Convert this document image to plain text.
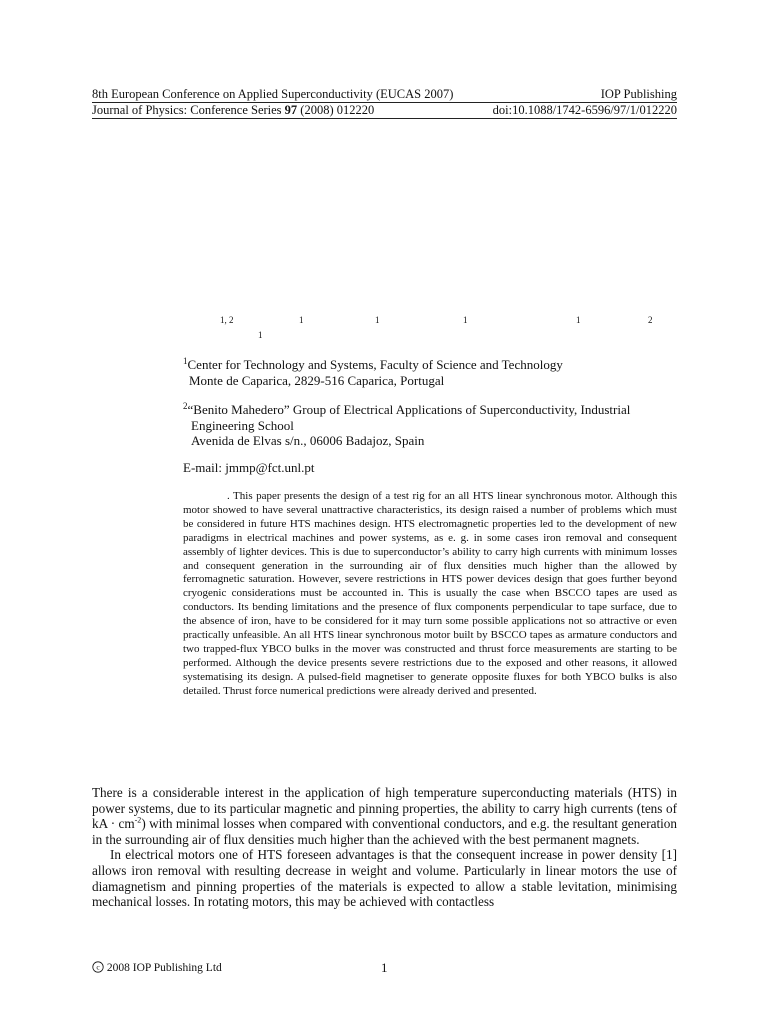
8th European Conference on Applied Superconductivity (EUCAS 2007)	IOP Publishing
Journal of Physics: Conference Series 97 (2008) 012220	doi:10.1088/1742-6596/97/1/012220
1, 2	1	1	1	1	2
1
$^1$Center for Technology and Systems, Faculty of Science and Technology
Monte de Caparica, 2829-516 Caparica, Portugal
$^2$“Benito Mahedero” Group of Electrical Applications of Superconductivity, Industrial
Engineering School
Avenida de Elvas s/n., 06006 Badajoz, Spain
E-mail: jmmp@fct.unl.pt
. This paper presents the design of a test rig for an all HTS linear synchronous motor. Although this motor showed to have several unattractive characteristics, its design raised a number of problems which must be considered in future HTS machines design. HTS electromagnetic properties led to the development of new paradigms in electrical machines and power systems, as e. g. in some cases iron removal and consequent assembly of lighter devices. This is due to superconductor’s ability to carry high currents with minimum losses and consequent generation in the surrounding air of flux densities much higher than the allowed by ferromagnetic saturation. However, severe restrictions in HTS power devices design that goes further beyond cryogenic considerations must be accounted in. This is usually the case when BSCCO tapes are used as conductors. Its bending limitations and the presence of flux components perpendicular to tape surface, due to the absence of iron, have to be considered for it may turn some possible applications not so attractive or even practically unfeasible. An all HTS linear synchronous motor built by BSCCO tapes as armature conductors and two trapped-flux YBCO bulks in the mover was constructed and thrust force measurements are starting to be performed. Although the device presents severe restrictions due to the exposed and other reasons, it allowed systematising its design. A pulsed-field magnetiser to generate opposite fluxes for both YBCO bulks is also detailed. Thrust force numerical predictions were already derived and presented.

There is a considerable interest in the application of high temperature superconducting materials (HTS) in power systems, due to its particular magnetic and pinning properties, the ability to carry high currents (tens of kA · $cm^{-2}$) with minimal losses when compared with conventional conductors, and e.g. the resultant generation in the surrounding air of flux densities much higher than the achieved with the best permanent magnets.

In electrical motors one of HTS foreseen advantages is that the consequent increase in power density [1] allows iron removal with resulting decrease in weight and volume. Particularly in linear motors the use of diamagnetism and pinning properties of the materials is expected to allow a stable levitation, minimising mechanical losses. In rotating motors, this may be achieved with contactless

c 2008 IOP Publishing Ltd	1
